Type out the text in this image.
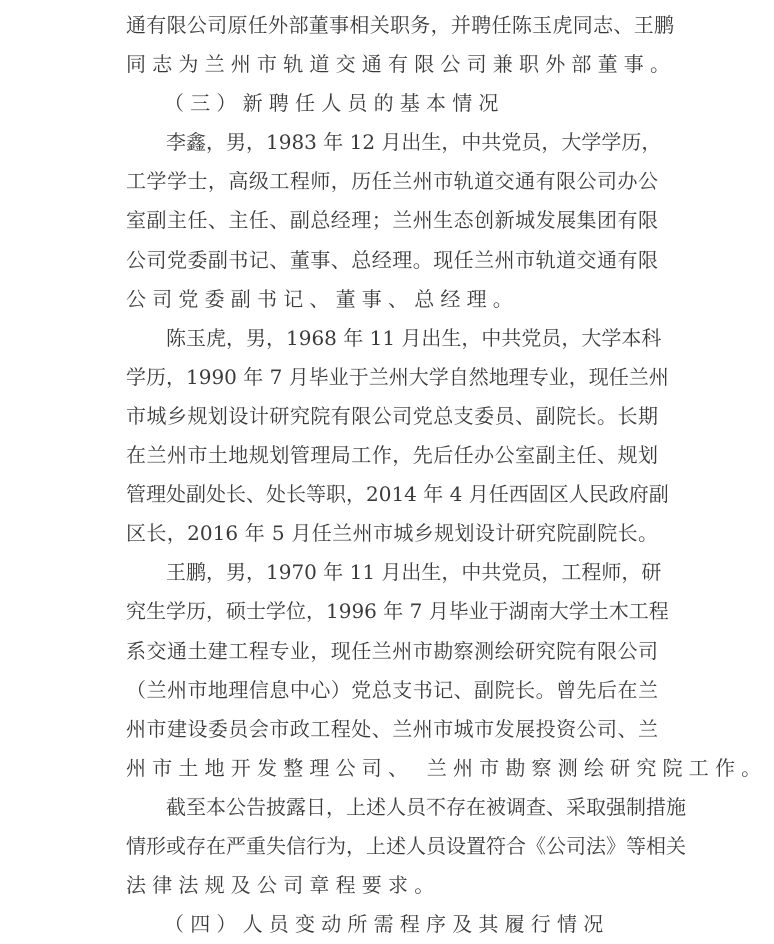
通有限公司原任外部董事相关职务，并聘任陈玉虎同志、王鹏
同志为兰州市轨道交通有限公司兼职外部董事。
（三）新聘任人员的基本情况
李鑫，男，1983 年 12 月出生，中共党员，大学学历，
工学学士，高级工程师，历任兰州市轨道交通有限公司办公
室副主任、主任、副总经理；兰州生态创新城发展集团有限
公司党委副书记、董事、总经理。现任兰州市轨道交通有限
公司党委副书记、董事、总经理。
陈玉虎，男，1968 年 11 月出生，中共党员，大学本科
学历，1990 年 7 月毕业于兰州大学自然地理专业，现任兰州
市城乡规划设计研究院有限公司党总支委员、副院长。长期
在兰州市土地规划管理局工作，先后任办公室副主任、规划
管理处副处长、处长等职，2014 年 4 月任西固区人民政府副
区长，2016 年 5 月任兰州市城乡规划设计研究院副院长。
王鹏，男，1970 年 11 月出生，中共党员，工程师，研
究生学历，硕士学位，1996 年 7 月毕业于湖南大学土木工程
系交通土建工程专业，现任兰州市勘察测绘研究院有限公司
（兰州市地理信息中心）党总支书记、副院长。曾先后在兰
州市建设委员会市政工程处、兰州市城市发展投资公司、兰
州市土地开发整理公司、 兰州市勘察测绘研究院工作。
截至本公告披露日，上述人员不存在被调查、采取强制措施
情形或存在严重失信行为，上述人员设置符合《公司法》等相关
法律法规及公司章程要求。
（四）人员变动所需程序及其履行情况
